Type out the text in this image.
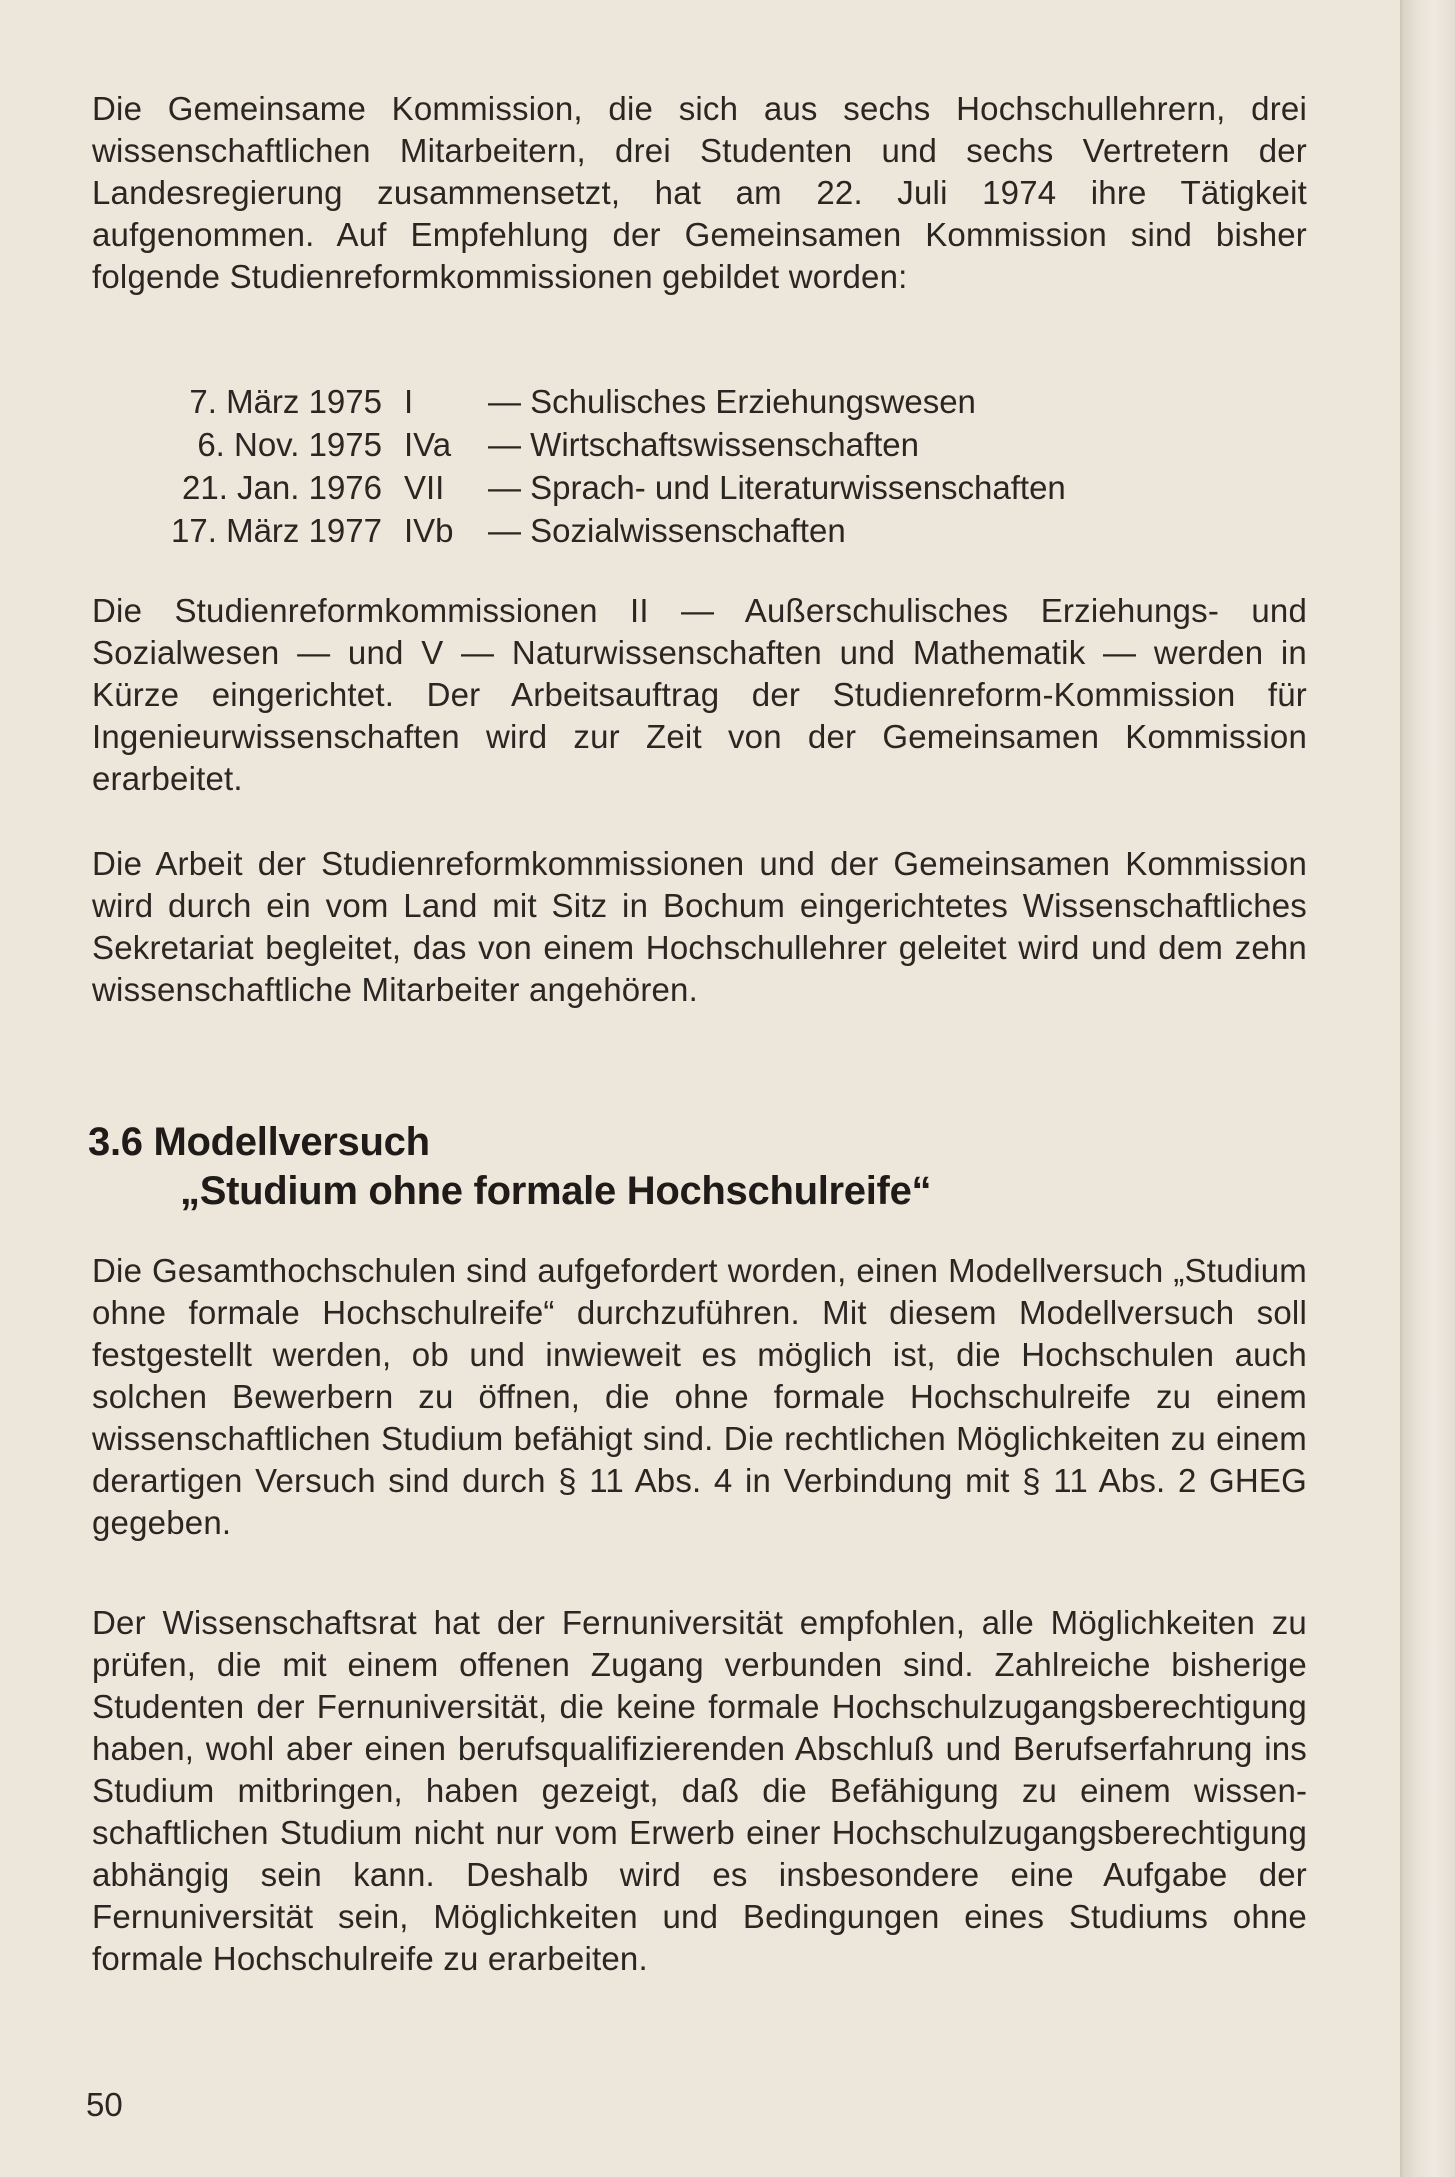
Die Gemeinsame Kommission, die sich aus sechs Hochschullehrern, drei wissenschaftlichen Mitarbeitern, drei Studenten und sechs Vertretern der Landesregierung zusammensetzt, hat am 22. Juli 1974 ihre Tätigkeit aufgenommen. Auf Empfehlung der Gemeinsamen Kommission sind bisher folgende Studienreformkommissionen gebildet worden:
7. März 1975 I	— Schulisches Erziehungswesen
6. Nov. 1975 IVa	— Wirtschaftswissenschaften
21. Jan. 1976 VII	— Sprach- und Literaturwissenschaften
17. März 1977 IVb	— Sozialwissenschaften
Die Studienreformkommissionen II — Außerschulisches Erziehungs- und Sozialwesen — und V — Naturwissenschaften und Mathematik — werden in Kürze eingerichtet. Der Arbeitsauftrag der Studienreform-Kommission für Ingenieurwissenschaften wird zur Zeit von der Gemeinsamen Kommission erarbeitet.
Die Arbeit der Studienreformkommissionen und der Gemeinsamen Kommission wird durch ein vom Land mit Sitz in Bochum eingerichtetes Wissenschaftliches Sekretariat begleitet, das von einem Hochschullehrer geleitet wird und dem zehn wissenschaftliche Mitarbeiter angehören.
3.6 Modellversuch
„Studium ohne formale Hochschulreife“
Die Gesamthochschulen sind aufgefordert worden, einen Modellversuch „Studium ohne formale Hochschulreife“ durchzuführen. Mit diesem Modellversuch soll festgestellt werden, ob und inwieweit es möglich ist, die Hochschulen auch solchen Bewerbern zu öffnen, die ohne formale Hochschulreife zu einem wissenschaftlichen Studium befähigt sind. Die rechtlichen Möglichkeiten zu einem derartigen Versuch sind durch § 11 Abs. 4 in Verbindung mit § 11 Abs. 2 GHEG gegeben.
Der Wissenschaftsrat hat der Fernuniversität empfohlen, alle Möglichkeiten zu prüfen, die mit einem offenen Zugang verbunden sind. Zahlreiche bisherige Studenten der Fernuniversität, die keine formale Hochschulzugangsberechtigung haben, wohl aber einen berufsqualifizierenden Abschluß und Berufserfahrung ins Studium mitbringen, haben gezeigt, daß die Befähigung zu einem wissenschaftlichen Studium nicht nur vom Erwerb einer Hochschulzugangsberechtigung abhängig sein kann. Deshalb wird es insbesondere eine Aufgabe der Fernuniversität sein, Möglichkeiten und Bedingungen eines Studiums ohne formale Hochschulreife zu erarbeiten.
50
